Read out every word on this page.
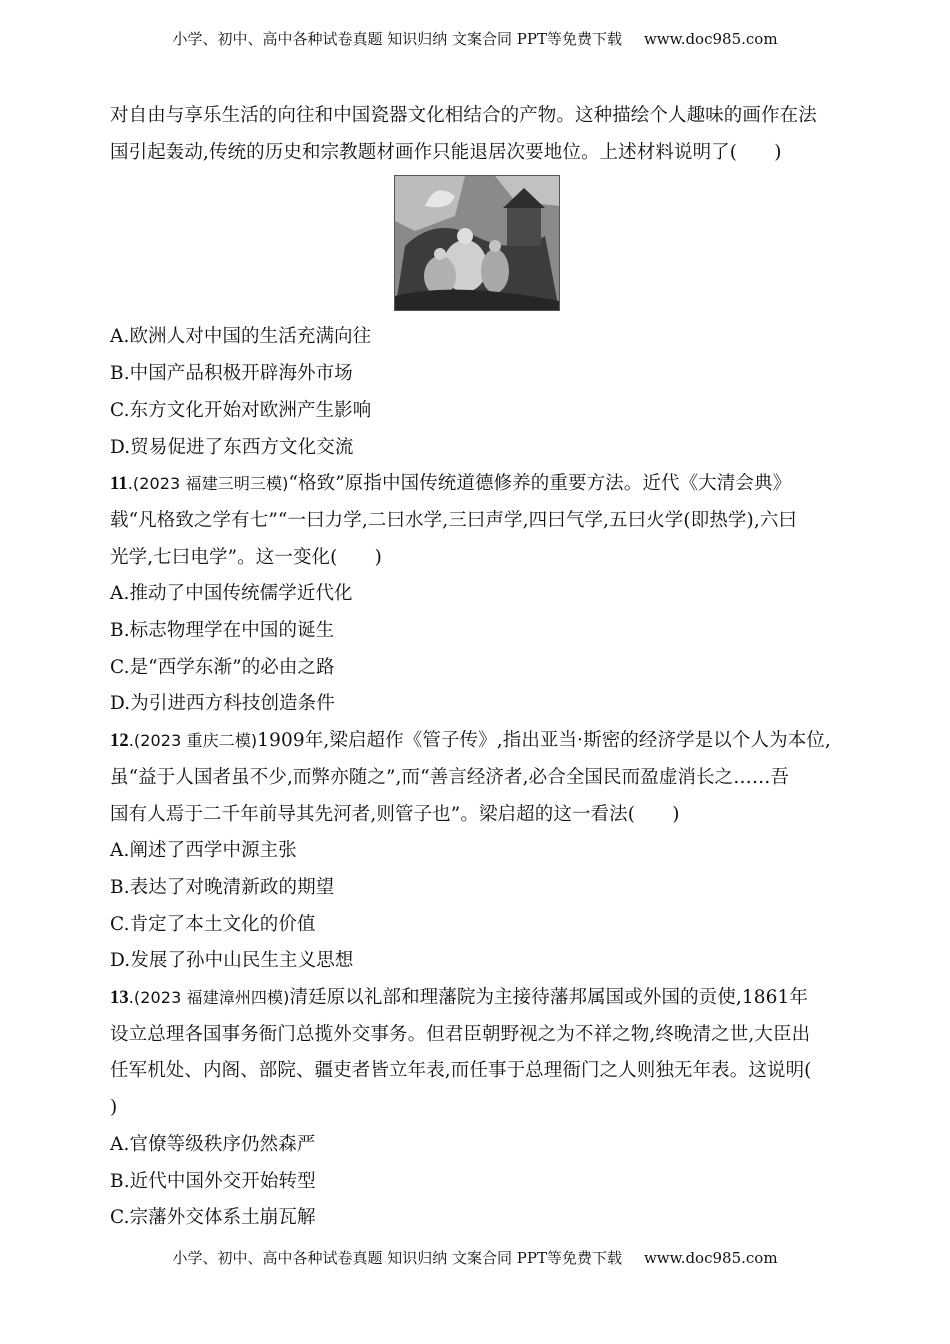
小学、初中、高中各种试卷真题 知识归纳 文案合同 PPT等免费下载 www.doc985.com
对自由与享乐生活的向往和中国瓷器文化相结合的产物。这种描绘个人趣味的画作在法
国引起轰动,传统的历史和宗教题材画作只能退居次要地位。上述材料说明了(　　)
A.欧洲人对中国的生活充满向往
B.中国产品积极开辟海外市场
C.东方文化开始对欧洲产生影响
D.贸易促进了东西方文化交流
11.(2023 福建三明三模)“格致”原指中国传统道德修养的重要方法。近代《大清会典》
载“凡格致之学有七”“一曰力学,二曰水学,三曰声学,四曰气学,五曰火学(即热学),六曰
光学,七曰电学”。这一变化(　　)
A.推动了中国传统儒学近代化
B.标志物理学在中国的诞生
C.是“西学东渐”的必由之路
D.为引进西方科技创造条件
12.(2023 重庆二模)1909年,梁启超作《管子传》,指出亚当·斯密的经济学是以个人为本位,
虽“益于人国者虽不少,而弊亦随之”,而“善言经济者,必合全国民而盈虚消长之……吾
国有人焉于二千年前导其先河者,则管子也”。梁启超的这一看法(　　)
A.阐述了西学中源主张
B.表达了对晚清新政的期望
C.肯定了本土文化的价值
D.发展了孙中山民生主义思想
13.(2023 福建漳州四模)清廷原以礼部和理藩院为主接待藩邦属国或外国的贡使,1861年
设立总理各国事务衙门总揽外交事务。但君臣朝野视之为不祥之物,终晚清之世,大臣出
任军机处、内阁、部院、疆吏者皆立年表,而任事于总理衙门之人则独无年表。这说明(
)
A.官僚等级秩序仍然森严
B.近代中国外交开始转型
C.宗藩外交体系土崩瓦解
小学、初中、高中各种试卷真题 知识归纳 文案合同 PPT等免费下载 www.doc985.com
